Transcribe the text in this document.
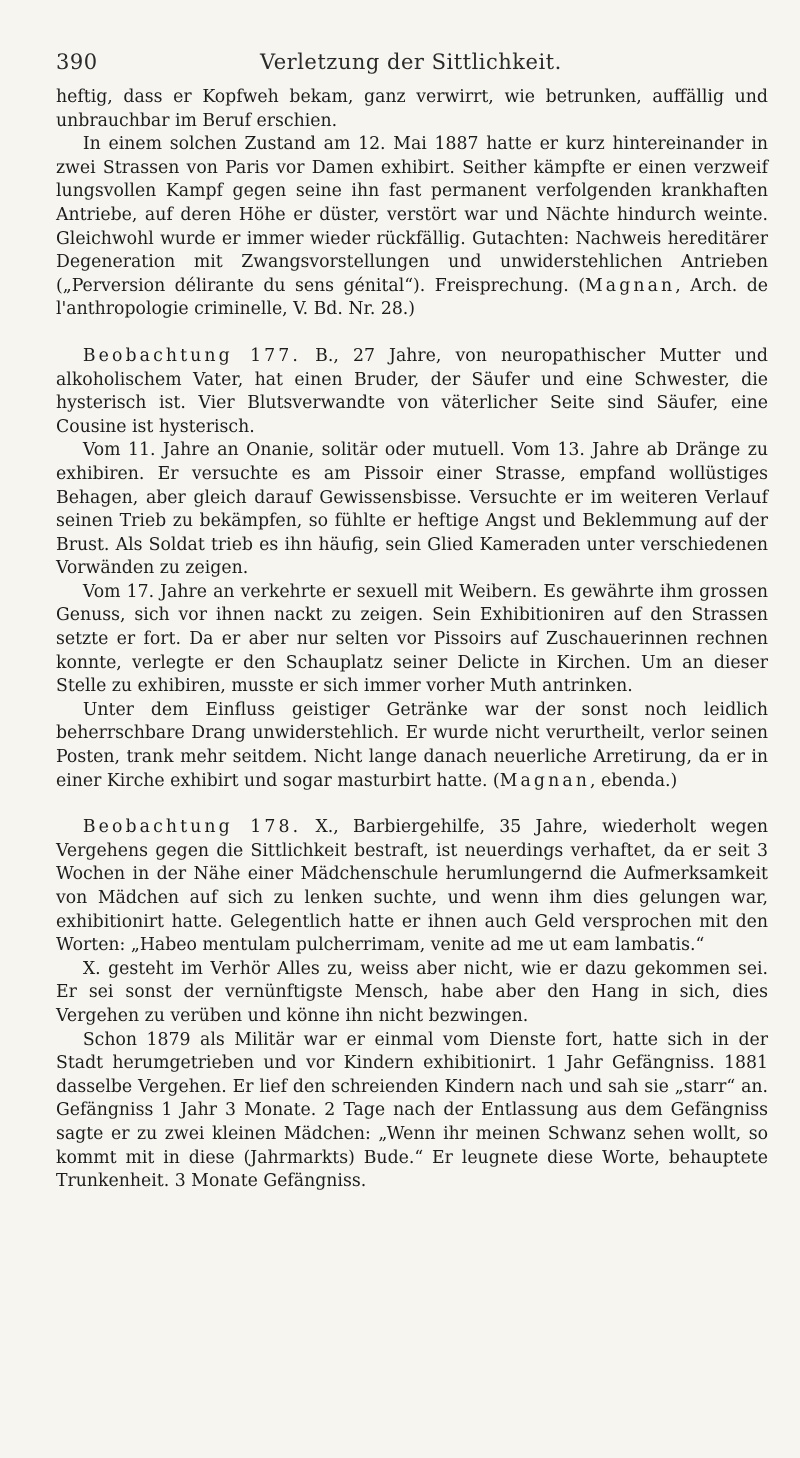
390	Verletzung der Sittlichkeit.

heftig, dass er Kopfweh bekam, ganz verwirrt, wie betrunken, auffällig und unbrauchbar im Beruf erschien.

In einem solchen Zustand am 12. Mai 1887 hatte er kurz hintereinander in zwei Strassen von Paris vor Damen exhibirt. Seither kämpfte er einen verzweif lungsvollen Kampf gegen seine ihn fast permanent verfolgenden krankhaften Antriebe, auf deren Höhe er düster, verstört war und Nächte hindurch weinte. Gleichwohl wurde er immer wieder rückfällig. Gutachten: Nachweis hereditärer Degeneration mit Zwangsvorstellungen und unwiderstehlichen Antrieben („Perversion délirante du sens génital“). Freisprechung. (Magnan, Arch. de l'anthropologie criminelle, V. Bd. Nr. 28.)

Beobachtung 177. B., 27 Jahre, von neuropathischer Mutter und alkoholischem Vater, hat einen Bruder, der Säufer und eine Schwester, die hysterisch ist. Vier Blutsverwandte von väterlicher Seite sind Säufer, eine Cousine ist hysterisch.

Vom 11. Jahre an Onanie, solitär oder mutuell. Vom 13. Jahre ab Dränge zu exhibiren. Er versuchte es am Pissoir einer Strasse, empfand wollüstiges Behagen, aber gleich darauf Gewissensbisse. Versuchte er im weiteren Verlauf seinen Trieb zu bekämpfen, so fühlte er heftige Angst und Beklemmung auf der Brust. Als Soldat trieb es ihn häufig, sein Glied Kameraden unter verschiedenen Vorwänden zu zeigen.

Vom 17. Jahre an verkehrte er sexuell mit Weibern. Es gewährte ihm grossen Genuss, sich vor ihnen nackt zu zeigen. Sein Exhibitioniren auf den Strassen setzte er fort. Da er aber nur selten vor Pissoirs auf Zuschauerinnen rechnen konnte, verlegte er den Schauplatz seiner Delicte in Kirchen. Um an dieser Stelle zu exhibiren, musste er sich immer vorher Muth antrinken.

Unter dem Einfluss geistiger Getränke war der sonst noch leidlich beherrschbare Drang unwiderstehlich. Er wurde nicht verurtheilt, verlor seinen Posten, trank mehr seitdem. Nicht lange danach neuerliche Arretirung, da er in einer Kirche exhibirt und sogar masturbirt hatte. (Magnan, ebenda.)

Beobachtung 178. X., Barbiergehilfe, 35 Jahre, wiederholt wegen Vergehens gegen die Sittlichkeit bestraft, ist neuerdings verhaftet, da er seit 3 Wochen in der Nähe einer Mädchenschule herumlungernd die Aufmerksamkeit von Mädchen auf sich zu lenken suchte, und wenn ihm dies gelungen war, exhibitionirt hatte. Gelegentlich hatte er ihnen auch Geld versprochen mit den Worten: „Habeo mentulam pulcherrimam, venite ad me ut eam lambatis.“

X. gesteht im Verhör Alles zu, weiss aber nicht, wie er dazu gekommen sei. Er sei sonst der vernünftigste Mensch, habe aber den Hang in sich, dies Vergehen zu verüben und könne ihn nicht bezwingen.

Schon 1879 als Militär war er einmal vom Dienste fort, hatte sich in der Stadt herumgetrieben und vor Kindern exhibitionirt. 1 Jahr Gefängniss. 1881 dasselbe Vergehen. Er lief den schreienden Kindern nach und sah sie „starr“ an. Gefängniss 1 Jahr 3 Monate. 2 Tage nach der Entlassung aus dem Gefängniss sagte er zu zwei kleinen Mädchen: „Wenn ihr meinen Schwanz sehen wollt, so kommt mit in diese (Jahrmarkts) Bude.“ Er leugnete diese Worte, behauptete Trunkenheit. 3 Monate Gefängniss.
